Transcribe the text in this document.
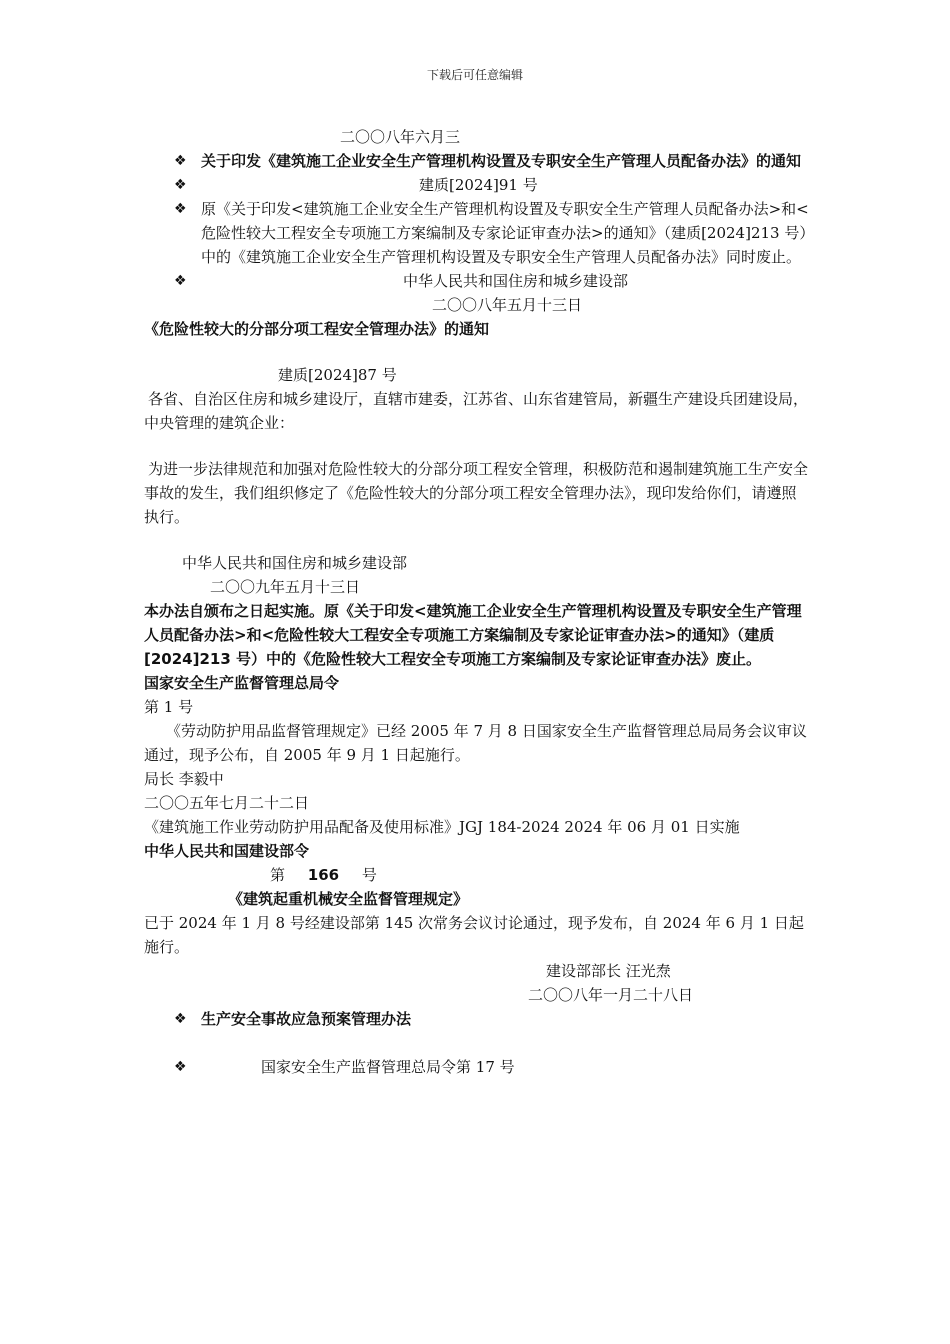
下载后可任意编辑

二〇〇八年六月三

❖ 关于印发《建筑施工企业安全生产管理机构设置及专职安全生产管理人员配备办法》的通知
❖	建质[2024]91 号
❖ 原《关于印发<建筑施工企业安全生产管理机构设置及专职安全生产管理人员配备办法>和<危险性较大工程安全专项施工方案编制及专家论证审查办法>的通知》（建质[2024]213 号）中的《建筑施工企业安全生产管理机构设置及专职安全生产管理人员配备办法》同时废止。
❖	中华人民共和国住房和城乡建设部

二〇〇八年五月十三日

《危险性较大的分部分项工程安全管理办法》的通知

建质[2024]87 号

各省、自治区住房和城乡建设厅，直辖市建委，江苏省、山东省建管局，新疆生产建设兵团建设局，中央管理的建筑企业：

为进一步法律规范和加强对危险性较大的分部分项工程安全管理，积极防范和遏制建筑施工生产安全事故的发生，我们组织修定了《危险性较大的分部分项工程安全管理办法》，现印发给你们，请遵照执行。

中华人民共和国住房和城乡建设部

二〇〇九年五月十三日

本办法自颁布之日起实施。原《关于印发<建筑施工企业安全生产管理机构设置及专职安全生产管理人员配备办法>和<危险性较大工程安全专项施工方案编制及专家论证审查办法>的通知》（建质[2024]213 号）中的《危险性较大工程安全专项施工方案编制及专家论证审查办法》废止。

国家安全生产监督管理总局令

第 1 号

《劳动防护用品监督管理规定》已经 2005 年 7 月 8 日国家安全生产监督管理总局局务会议审议通过，现予公布，自 2005 年 9 月 1 日起施行。

局长 李毅中

二〇〇五年七月二十二日

《建筑施工作业劳动防护用品配备及使用标准》JGJ 184-2024 2024 年 06 月 01 日实施

中华人民共和国建设部令

第 166 号

《建筑起重机械安全监督管理规定》

已于 2024 年 1 月 8 号经建设部第 145 次常务会议讨论通过，现予发布，自 2024 年 6 月 1 日起施行。

建设部部长 汪光焘

二〇〇八年一月二十八日

❖ 生产安全事故应急预案管理办法
❖	国家安全生产监督管理总局令第 17 号
